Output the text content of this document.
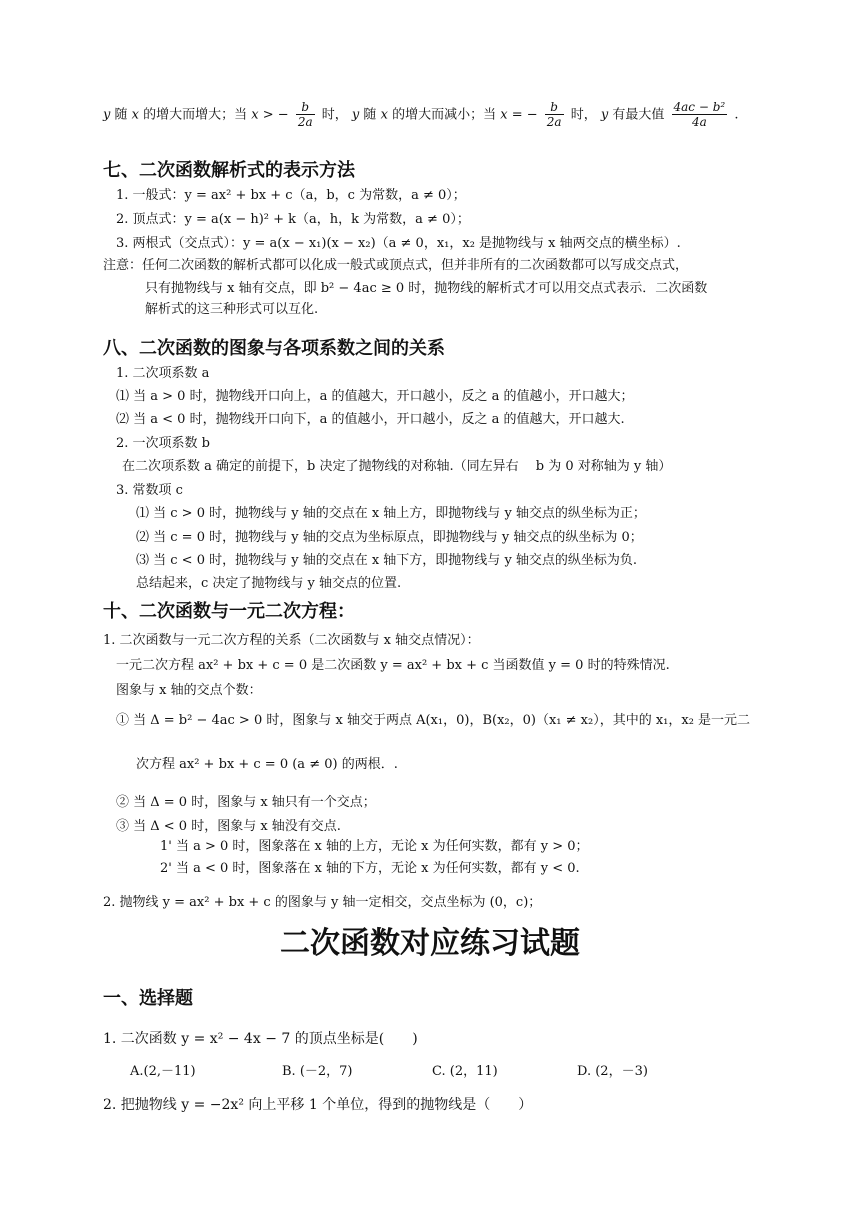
y 随 x 的增大而增大；当 x > − $\frac{b}{2a}$ 时， y 随 x 的增大而减小；当 x = − $\frac{b}{2a}$ 时， y 有最大值 $\frac{\text{4ac − b²}}{4a}$ .
七、二次函数解析式的表示方法
1. 一般式：y = ax² + bx + c（a，b，c 为常数，a ≠ 0）；
2. 顶点式：y = a(x − h)² + k（a，h，k 为常数，a ≠ 0）；
3. 两根式（交点式）：y = a(x − x₁)(x − x₂)（a ≠ 0，x₁，x₂ 是抛物线与 x 轴两交点的横坐标）.
注意：任何二次函数的解析式都可以化成一般式或顶点式，但并非所有的二次函数都可以写成交点式，
只有抛物线与 x 轴有交点，即 b² − 4ac ≥ 0 时，抛物线的解析式才可以用交点式表示．二次函数
解析式的这三种形式可以互化.
八、二次函数的图象与各项系数之间的关系
1. 二次项系数 a
⑴ 当 a > 0 时，抛物线开口向上，a 的值越大，开口越小，反之 a 的值越小，开口越大；
⑵ 当 a < 0 时，抛物线开口向下，a 的值越小，开口越小，反之 a 的值越大，开口越大.
2. 一次项系数 b
在二次项系数 a 确定的前提下，b 决定了抛物线的对称轴.（同左异右　 b 为 0 对称轴为 y 轴）
3. 常数项 c
⑴ 当 c > 0 时，抛物线与 y 轴的交点在 x 轴上方，即抛物线与 y 轴交点的纵坐标为正；
⑵ 当 c = 0 时，抛物线与 y 轴的交点为坐标原点，即抛物线与 y 轴交点的纵坐标为 0；
⑶ 当 c < 0 时，抛物线与 y 轴的交点在 x 轴下方，即抛物线与 y 轴交点的纵坐标为负.
总结起来，c 决定了抛物线与 y 轴交点的位置.
十、二次函数与一元二次方程：
1. 二次函数与一元二次方程的关系（二次函数与 x 轴交点情况）：
一元二次方程 ax² + bx + c = 0 是二次函数 y = ax² + bx + c 当函数值 y = 0 时的特殊情况.
图象与 x 轴的交点个数：
① 当 Δ = b² − 4ac > 0 时，图象与 x 轴交于两点 A(x₁，0)，B(x₂，0)（x₁ ≠ x₂），其中的 x₁，x₂ 是一元二
次方程 ax² + bx + c = 0 (a ≠ 0) 的两根．.
② 当 Δ = 0 时，图象与 x 轴只有一个交点；
③ 当 Δ < 0 时，图象与 x 轴没有交点.
1' 当 a > 0 时，图象落在 x 轴的上方，无论 x 为任何实数，都有 y > 0；
2' 当 a < 0 时，图象落在 x 轴的下方，无论 x 为任何实数，都有 y < 0.
2. 抛物线 y = ax² + bx + c 的图象与 y 轴一定相交，交点坐标为 (0，c)；
二次函数对应练习试题
一、选择题
1. 二次函数 y = x² − 4x − 7 的顶点坐标是(　　)
A.(2,－11)	B. (－2，7)	C. (2，11)	D. (2，－3)
2. 把抛物线 y = −2x² 向上平移 1 个单位，得到的抛物线是（　　）
